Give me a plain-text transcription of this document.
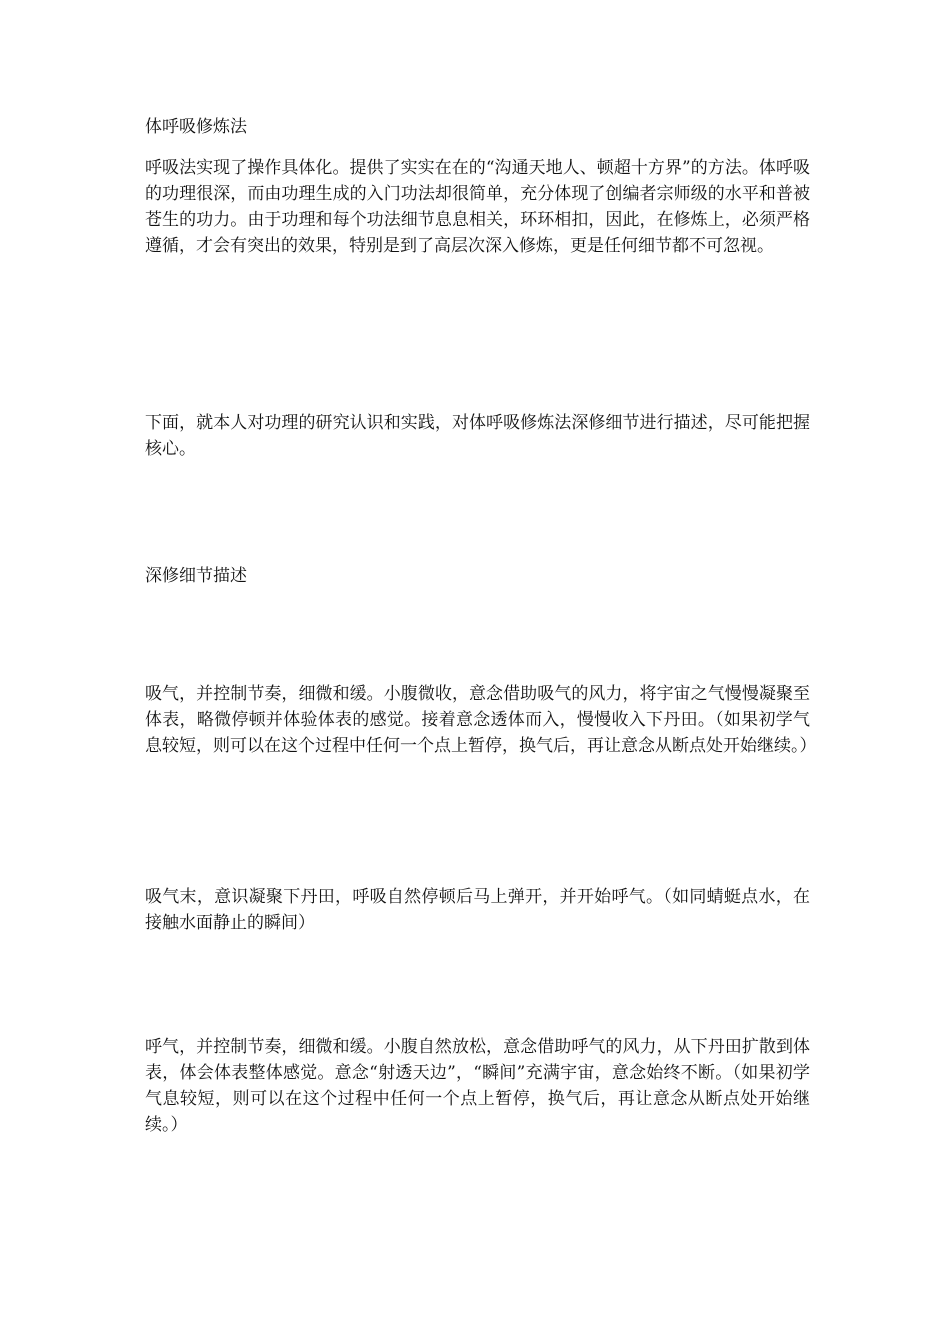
体呼吸修炼法

呼吸法实现了操作具体化。提供了实实在在的“沟通天地人、顿超十方界”的方法。体呼吸的功理很深，而由功理生成的入门功法却很简单，充分体现了创编者宗师级的水平和普被苍生的功力。由于功理和每个功法细节息息相关，环环相扣，因此，在修炼上，必须严格遵循，才会有突出的效果，特别是到了高层次深入修炼，更是任何细节都不可忽视。

下面，就本人对功理的研究认识和实践，对体呼吸修炼法深修细节进行描述，尽可能把握核心。

深修细节描述

吸气，并控制节奏，细微和缓。小腹微收，意念借助吸气的风力，将宇宙之气慢慢凝聚至体表，略微停顿并体验体表的感觉。接着意念透体而入，慢慢收入下丹田。（如果初学气息较短，则可以在这个过程中任何一个点上暂停，换气后，再让意念从断点处开始继续。）

吸气末，意识凝聚下丹田，呼吸自然停顿后马上弹开，并开始呼气。（如同蜻蜓点水，在接触水面静止的瞬间）

呼气，并控制节奏，细微和缓。小腹自然放松，意念借助呼气的风力，从下丹田扩散到体表，体会体表整体感觉。意念“射透天边”，“瞬间”充满宇宙，意念始终不断。（如果初学气息较短，则可以在这个过程中任何一个点上暂停，换气后，再让意念从断点处开始继续。）
